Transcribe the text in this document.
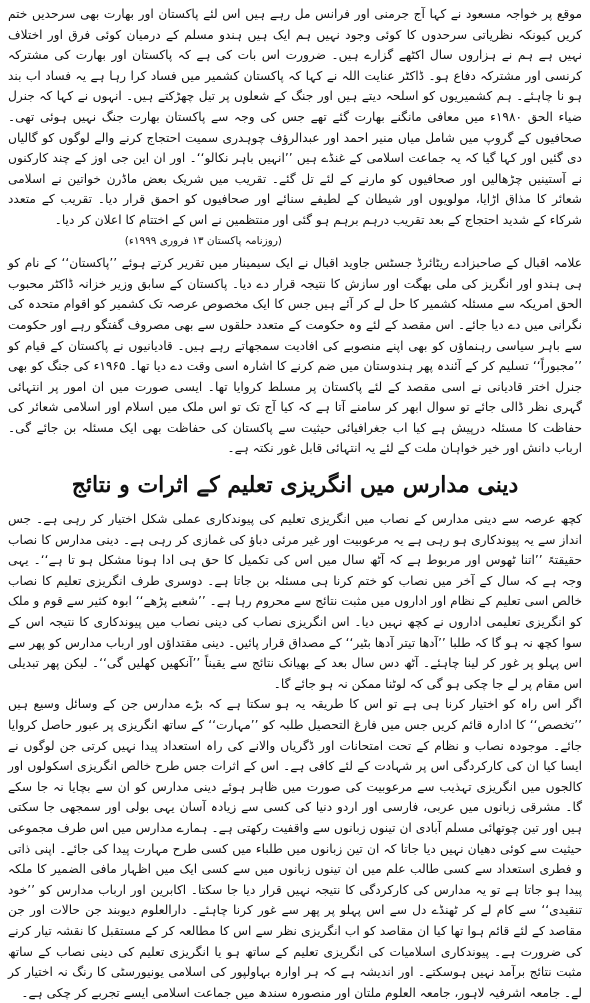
موقع پر خواجہ مسعود نے کہا آج جرمنی اور فرانس مل رہے ہیں اس لئے پاکستان اور بھارت بھی سرحدیں ختم کریں کیونکہ نظریاتی سرحدوں کا کوئی وجود نہیں ہم ایک ہیں ہندو مسلم کے درمیان کوئی فرق اور اختلاف نہیں ہے ہم نے ہزاروں سال اکٹھے گزارے ہیں۔ ضرورت اس بات کی ہے کہ پاکستان اور بھارت کی مشترکہ کرنسی اور مشترکہ دفاع ہو۔ ڈاکٹر عنایت اللہ نے کہا کہ پاکستان کشمیر میں فساد کرا رہا ہے یہ فساد اب بند ہو نا چاہئے۔ ہم کشمیریوں کو اسلحہ دیتے ہیں اور جنگ کے شعلوں پر تیل چھڑکتے ہیں۔ انہوں نے کہا کہ جنرل ضیاء الحق ۱۹۸۰ء میں معافی مانگنے بھارت گئے تھے جس کی وجہ سے پاکستان بھارت جنگ نہیں ہوئی تھی۔ صحافیوں کے گروپ میں شامل میاں منیر احمد اور عبدالرؤف چوہدری سمیت احتجاج کرنے والے لوگوں کو گالیاں دی گئیں اور کہا گیا کہ یہ جماعت اسلامی کے غنڈے ہیں ’’انہیں باہر نکالو‘‘۔ اور ان این جی اوز کے چند کارکنوں نے آستینیں چڑھالیں اور صحافیوں کو مارنے کے لئے تل گئے۔ تقریب میں شریک بعض ماڈرن خواتین نے اسلامی شعائر کا مذاق اڑایا، مولویوں اور شیطان کے لطیفے سنائے اور صحافیوں کو احمق قرار دیا۔ تقریب کے متعدد شرکاء کے شدید احتجاج کے بعد تقریب درہم برہم ہو گئی اور منتظمین نے اس کے اختتام کا اعلان کر دیا۔

(روزنامہ پاکستان ۱۳ فروری ۱۹۹۹ء)

علامہ اقبال کے صاحبزادے ریٹائرڈ جسٹس جاوید اقبال نے ایک سیمینار میں تقریر کرتے ہوئے ’’پاکستان‘‘ کے نام کو ہی ہندو اور انگریز کی ملی بھگت اور سازش کا نتیجہ قرار دے دیا۔ پاکستان کے سابق وزیر خزانہ ڈاکٹر محبوب الحق امریکہ سے مسئلہ کشمیر کا حل لے کر آئے ہیں جس کا ایک مخصوص عرصہ تک کشمیر کو اقوام متحدہ کی نگرانی میں دے دیا جائے۔ اس مقصد کے لئے وہ حکومت کے متعدد حلقوں سے بھی مصروف گفتگو رہے اور حکومت سے باہر سیاسی رہنماؤں کو بھی اپنے منصوبے کی افادیت سمجھاتے رہے ہیں۔ قادیانیوں نے پاکستان کے قیام کو ’’مجبوراً‘‘ تسلیم کر کے آئندہ پھر ہندوستان میں ضم کرنے کا اشارہ اسی وقت دے دیا تھا۔ ۱۹۶۵ء کی جنگ کو بھی جنرل اختر قادیانی نے اسی مقصد کے لئے پاکستان پر مسلط کروایا تھا۔ ایسی صورت میں ان امور پر انتہائی گہری نظر ڈالی جائے تو سوال ابھر کر سامنے آتا ہے کہ کیا آج تک تو اس ملک میں اسلام اور اسلامی شعائر کی حفاظت کا مسئلہ درپیش ہے کیا اب جغرافیائی حیثیت سے پاکستان کی حفاظت بھی ایک مسئلہ بن جائے گی۔ ارباب دانش اور خیر خواہان ملت کے لئے یہ انتہائی قابل غور نکتہ ہے۔

دینی مدارس میں انگریزی تعلیم کے اثرات و نتائج

کچھ عرصہ سے دینی مدارس کے نصاب میں انگریزی تعلیم کی پیوندکاری عملی شکل اختیار کر رہی ہے۔ جس انداز سے یہ پیوندکاری ہو رہی ہے یہ مرعوبیت اور غیر مرئی دباؤ کی غمازی کر رہی ہے۔ دینی مدارس کا نصاب حقیقتہً ’’اتنا ٹھوس اور مربوط ہے کہ آٹھ سال میں اس کی تکمیل کا حق ہی ادا ہونا مشکل ہو تا ہے‘‘۔ یہی وجہ ہے کہ سال کے آخر میں نصاب کو ختم کرنا ہی مسئلہ بن جاتا ہے۔ دوسری طرف انگریزی تعلیم کا نصاب خالص اسی تعلیم کے نظام اور اداروں میں مثبت نتائج سے محروم رہا ہے۔ ’’شعبے پڑھے‘‘ ابوہ کثیر سے قوم و ملک کو انگریزی تعلیمی اداروں نے کچھ نہیں دیا۔ اس انگریزی نصاب کی دینی نصاب میں پیوندکاری کا نتیجہ اس کے سوا کچھ نہ ہو گا کہ طلبا ’’آدھا تیتر آدھا بٹیر‘‘ کے مصداق قرار پائیں۔ دینی مقتداؤں اور ارباب مدارس کو پھر سے اس پہلو پر غور کر لینا چاہئے۔ آٹھ دس سال بعد کے بھیانک نتائج سے یقیناً ’’آنکھیں کھلیں گی‘‘۔ لیکن پھر تبدیلی اس مقام پر لے جا چکی ہو گی کہ لوٹنا ممکن نہ ہو جائے گا۔

اگر اس راہ کو اختیار کرنا ہی ہے تو اس کا طریقہ یہ ہو سکتا ہے کہ بڑے مدارس جن کے وسائل وسیع ہیں ’’تخصص‘‘ کا ادارہ قائم کریں جس میں فارغ التحصیل طلبہ کو ’’مہارت‘‘ کے ساتھ انگریزی پر عبور حاصل کروایا جائے۔ موجودہ نصاب و نظام کے تحت امتحانات اور ڈگریاں والانے کی راہ استعداد پیدا نہیں کرتی جن لوگوں نے ایسا کیا ان کی کارکردگی اس پر شہادت کے لئے کافی ہے۔ اس کے اثرات جس طرح خالص انگریزی اسکولوں اور کالجوں میں انگریزی تہذیب سے مرعوبیت کی صورت میں ظاہر ہوئے دینی مدارس کو ان سے بچایا نہ جا سکے گا۔ مشرقی زبانوں میں عربی، فارسی اور اردو دنیا کی کسی سے زیادہ آسان یہی بولی اور سمجھی جا سکتی ہیں اور تین چوتھائی مسلم آبادی ان تینوں زبانوں سے واقفیت رکھتی ہے۔ ہمارے مدارس میں اس طرف مجموعی حیثیت سے کوئی دھیان نہیں دیا جاتا کہ ان تین زبانوں میں طلباء میں کسی طرح مہارت پیدا کی جائے۔ اپنی ذاتی و فطری استعداد سے کسی طالب علم میں ان تینوں زبانوں میں سے کسی ایک میں اظہار مافی الضمیر کا ملکہ پیدا ہو جاتا ہے تو یہ مدارس کی کارکردگی کا نتیجہ نہیں قرار دیا جا سکتا۔ اکابرین اور ارباب مدارس کو ’’خود تنقیدی‘‘ سے کام لے کر ٹھنڈے دل سے اس پہلو پر پھر سے غور کرنا چاہئے۔ دارالعلوم دیوبند جن حالات اور جن مقاصد کے لئے قائم ہوا تھا کیا ان مقاصد کو اب انگریزی نظر سے اس کا مطالعہ کر کے مستقبل کا نقشہ تیار کرنے کی ضرورت ہے۔ پیوندکاری اسلامیات کی انگریزی تعلیم کے ساتھ ہو یا انگریزی تعلیم کی دینی نصاب کے ساتھ مثبت نتائج برآمد نہیں ہوسکتے۔ اور اندیشہ ہے کہ ہر اوارہ بہاولپور کی اسلامی یونیورسٹی کا رنگ نہ اختیار کر لے۔ جامعہ اشرفیہ لاہور، جامعہ العلوم ملتان اور منصورہ سندھ میں جماعت اسلامی ایسے تجربے کر چکی ہے۔
